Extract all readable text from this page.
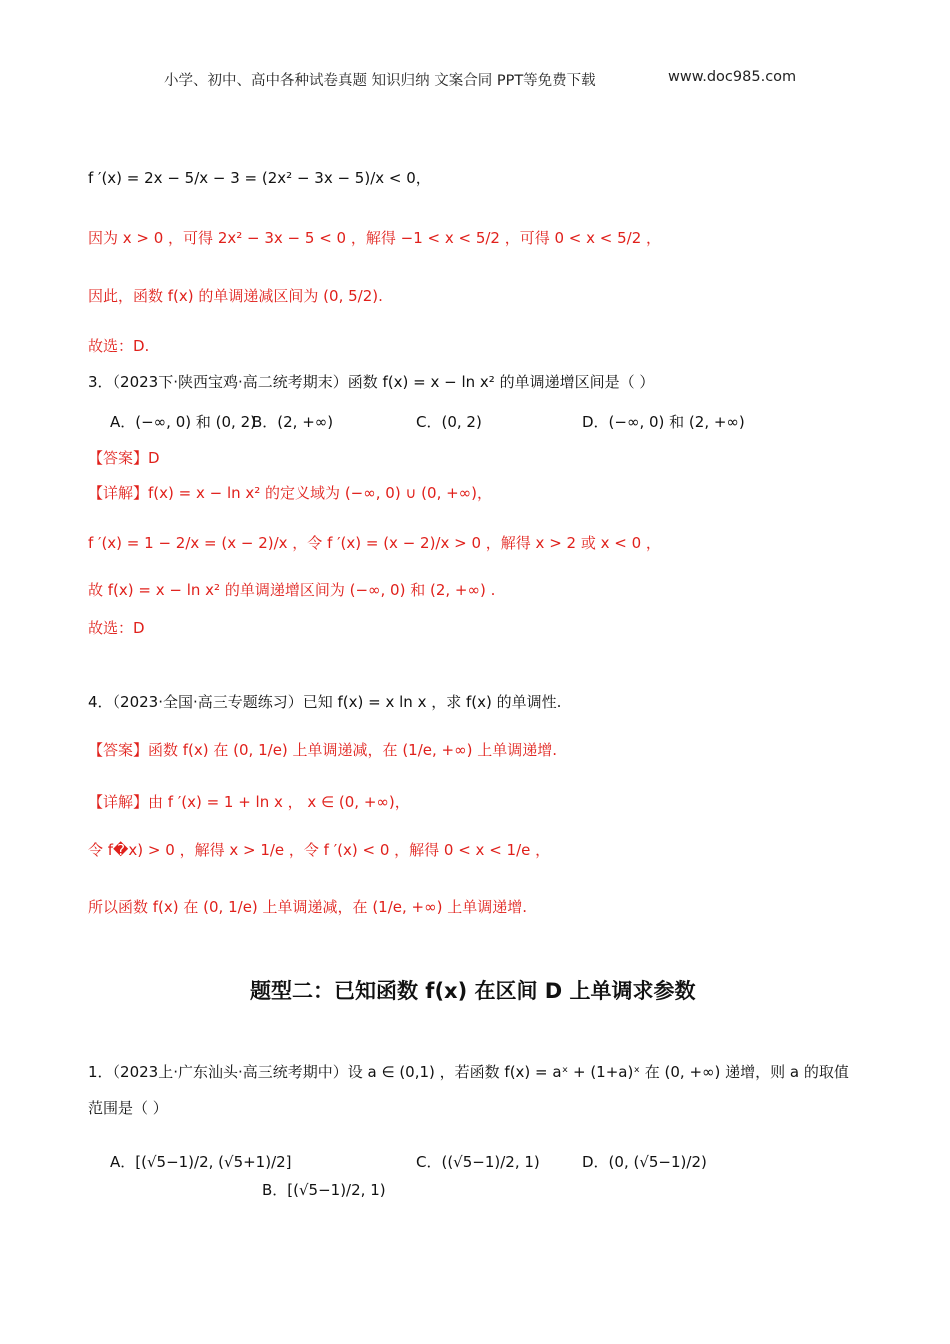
小学、初中、高中各种试卷真题 知识归纳 文案合同 PPT等免费下载	www.doc985.com
f ′(x) = 2x − 5/x − 3 = (2x² − 3x − 5)/x < 0，
因为 x > 0 ，可得 2x² − 3x − 5 < 0 ，解得 −1 < x < 5/2 ，可得 0 < x < 5/2 ，
因此，函数 f(x) 的单调递减区间为 (0, 5/2).
故选：D.
3．（2023下·陕西宝鸡·高二统考期末）函数 f(x) = x − ln x² 的单调递增区间是（ ）
A．(−∞, 0) 和 (0, 2)
B．(2, +∞)	C．(0, 2)	D．(−∞, 0) 和 (2, +∞)
【答案】D
【详解】f(x) = x − ln x² 的定义域为 (−∞, 0) ∪ (0, +∞)，
f ′(x) = 1 − 2/x = (x − 2)/x ，令 f ′(x) = (x − 2)/x > 0 ，解得 x > 2 或 x < 0 ，
故 f(x) = x − ln x² 的单调递增区间为 (−∞, 0) 和 (2, +∞) .
故选：D
4．（2023·全国·高三专题练习）已知 f(x) = x ln x ，求 f(x) 的单调性.
【答案】函数 f(x) 在 (0, 1/e) 上单调递减，在 (1/e, +∞) 上单调递增.
【详解】由 f ′(x) = 1 + ln x ， x ∈ (0, +∞)，
令 f�x) > 0 ，解得 x > 1/e ，令 f ′(x) < 0 ，解得 0 < x < 1/e ，
所以函数 f(x) 在 (0, 1/e) 上单调递减，在 (1/e, +∞) 上单调递增.
题型二：已知函数 f(x) 在区间 D 上单调求参数
1．（2023上·广东汕头·高三统考期中）设 a ∈ (0,1) ，若函数 f(x) = aˣ + (1+a)ˣ 在 (0, +∞) 递增，则 a 的取值
范围是（ ）
A．[(√5−1)/2, (√5+1)/2]
B．[(√5−1)/2, 1)
C．((√5−1)/2, 1)	D．(0, (√5−1)/2)
